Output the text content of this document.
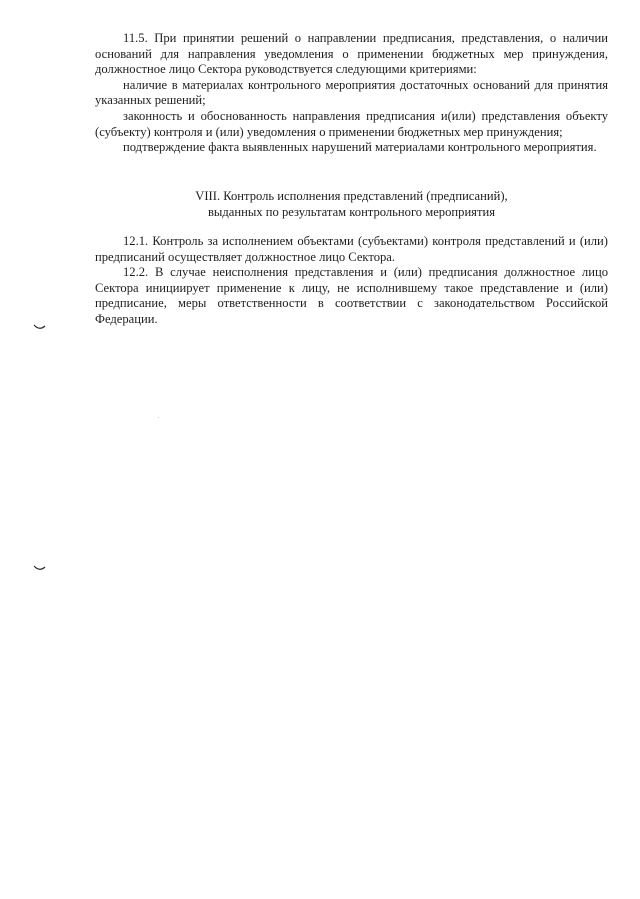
11.5. При принятии решений о направлении предписания, представления, о наличии оснований для направления уведомления о применении бюджетных мер принуждения, должностное лицо Сектора руководствуется следующими критериями:

наличие в материалах контрольного мероприятия достаточных оснований для принятия указанных решений;

законность и обоснованность направления предписания и(или) представления объекту (субъекту) контроля и (или) уведомления о применении бюджетных мер принуждения;

подтверждение факта выявленных нарушений материалами контрольного мероприятия.

VIII. Контроль исполнения представлений (предписаний),
выданных по результатам контрольного мероприятия

12.1. Контроль за исполнением объектами (субъектами) контроля представлений и (или) предписаний осуществляет должностное лицо Сектора.

12.2. В случае неисполнения представления и (или) предписания должностное лицо Сектора инициирует применение к лицу, не исполнившему такое представление и (или) предписание, меры ответственности в соответствии с законодательством Российской Федерации.
